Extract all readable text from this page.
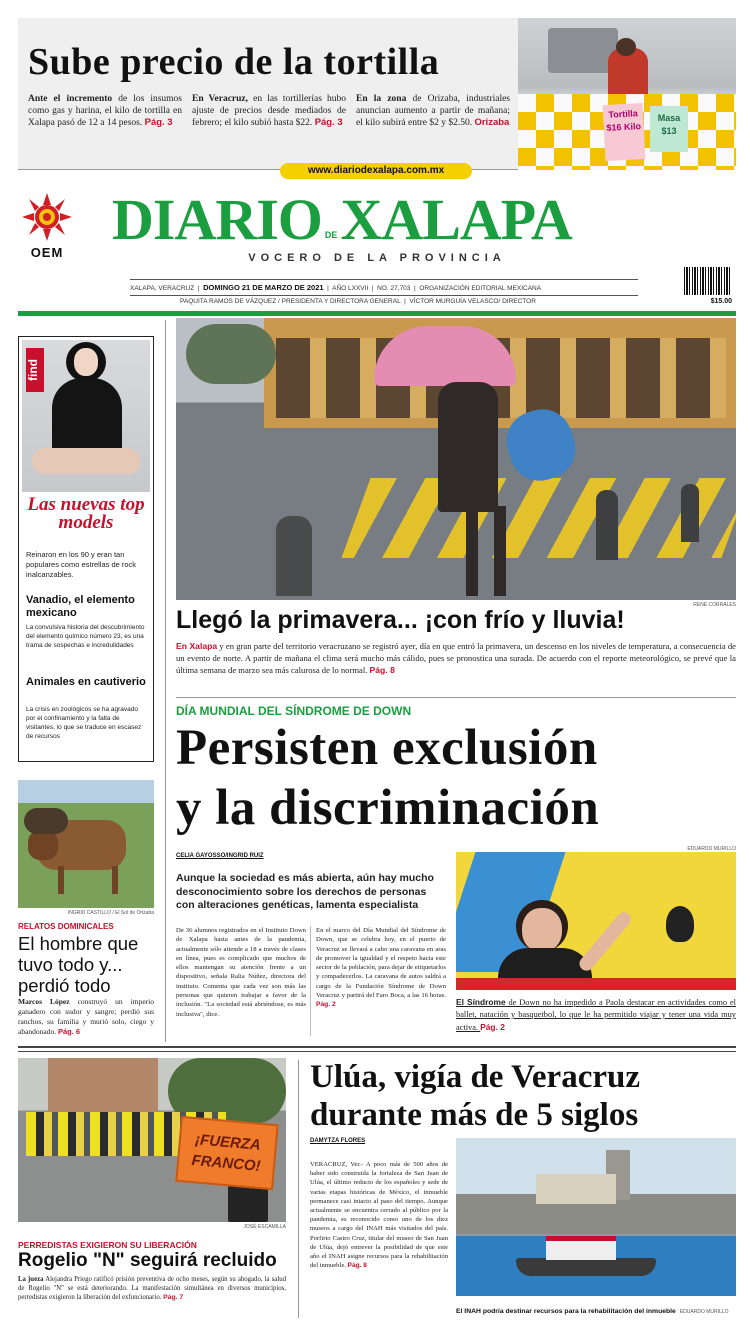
Sube precio de la tortilla

Ante el incremento de los insumos como gas y harina, el kilo de tortilla en Xalapa pasó de 12 a 14 pesos. Pág. 3

En Veracruz, en las tortillerías hubo ajuste de precios desde mediados de febrero; el kilo subió hasta $22. Pág. 3

En la zona de Orizaba, industriales anuncian aumento a partir de mañana; el kilo subirá entre $2 y $2.50. Orizaba

Tortilla $16 Kilo
Masa $13
www.diariodexalapa.com.mx
OEM
DIARIO DEXALAPA
VOCERO DE LA PROVINCIA
XALAPA, VERACRUZ  |  DOMINGO 21 DE MARZO DE 2021  |  AÑO LXXVII  |  NO. 27,703  |  ORGANIZACIÓN EDITORIAL MEXICANA
PAQUITA RAMOS DE VÁZQUEZ / PRESIDENTA Y DIRECTORA GENERAL  |  VÍCTOR MURGUÍA VELASCO/ DIRECTOR	$15.00
find
Las nuevas top models
Reinaron en los 90 y eran tan populares como estrellas de rock inalcanzables.
Vanadio, el elemento mexicano
La convulsiva historia del descubrimiento del elemento químico número 23, es una trama de sospechas e incredulidades
Animales en cautiverio
La crisis en zoológicos se ha agravado por el confinamiento y la falta de visitantes, lo que se traduce en escasez de recursos
INGRID CASTILLO / El Sol de Orizaba
RELATOS DOMINICALES
El hombre que tuvo todo y... perdió todo

Marcos López construyó un imperio ganadero con sudor y sangre; perdió sus ranchos, su familia y murió solo, ciego y abandonado. Pág. 6

RENÉ CORRALES
Llegó la primavera... ¡con frío y lluvia!

En Xalapa y en gran parte del territorio veracruzano se registró ayer, día en que entró la primavera, un descenso en los niveles de temperatura, a consecuencia de un evento de norte. A partir de mañana el clima será mucho más cálido, pues se pronostica una surada. De acuerdo con el reporte meteorológico, se prevé que la última semana de marzo sea más calurosa de lo normal. Pág. 8

DÍA MUNDIAL DEL SÍNDROME DE DOWN
Persisten exclusión
y la discriminación
CELIA GAYOSSO/INGRID RUIZ
Aunque la sociedad es más abierta, aún hay mucho desconocimiento sobre los derechos de personas con alteraciones genéticas, lamenta especialista

De 36 alumnos registrados en el Instituto Down de Xalapa hasta antes de la pandemia, actualmente sólo atiende a 18 a través de clases en línea, pues es complicado que muchos de ellos mantengan su atención frente a un dispositivo, señala Ralia Núñez, directora del instituto. Comenta que cada vez son más las personas que quieren trabajar a favor de la inclusión. "La sociedad está abriéndose, es más inclusiva", dice.

En el marco del Día Mundial del Síndrome de Down, que se celebra hoy, en el puerto de Veracruz se llevará a cabo una caravana en aras de promover la igualdad y el respeto hacia este sector de la población, para dejar de etiquetarlos y compadecerlos. La caravana de autos saldrá a cargo de la Fundación Síndrome de Down Veracruz y partirá del Faro Boca, a las 16 horas. Pág. 2

EDUARDO MURILLO

El Síndrome de Down no ha impedido a Paola destacar en actividades como el ballet, natación y basquetbol, lo que le ha permitido viajar y tener una vida muy activa. Pág. 2

¡FUERZA FRANCO!
JOSÉ ESCAMILLA
PERREDISTAS EXIGIERON SU LIBERACIÓN
Rogelio "N" seguirá recluido

La jueza Alejandra Priego ratificó prisión preventiva de ocho meses, según su abogado, la salud de Rogelio "N" se está deteriorando. La manifestación simultánea en diversos municipios, perredistas exigieron la liberación del exfuncionario. Pág. 7

Ulúa, vigía de Veracruz
durante más de 5 siglos
DAMYTZA FLORES

VERACRUZ, Ver.- A poco más de 500 años de haber sido construida la fortaleza de San Juan de Ulúa, el último reducto de los españoles y sede de varias etapas históricas de México, el inmueble permanece casi intacto al paso del tiempo. Aunque actualmente se encuentra cerrado al público por la pandemia, es reconocido como uno de los diez museos a cargo del INAH más visitados del país. Porfirio Castro Cruz, titular del museo de San Juan de Ulúa, dejó entrever la posibilidad de que este año el INAH asigne recursos para la rehabilitación del inmueble. Pág. 8

El INAH podría destinar recursos para la rehabilitación del inmueble EDUARDO MURILLO
